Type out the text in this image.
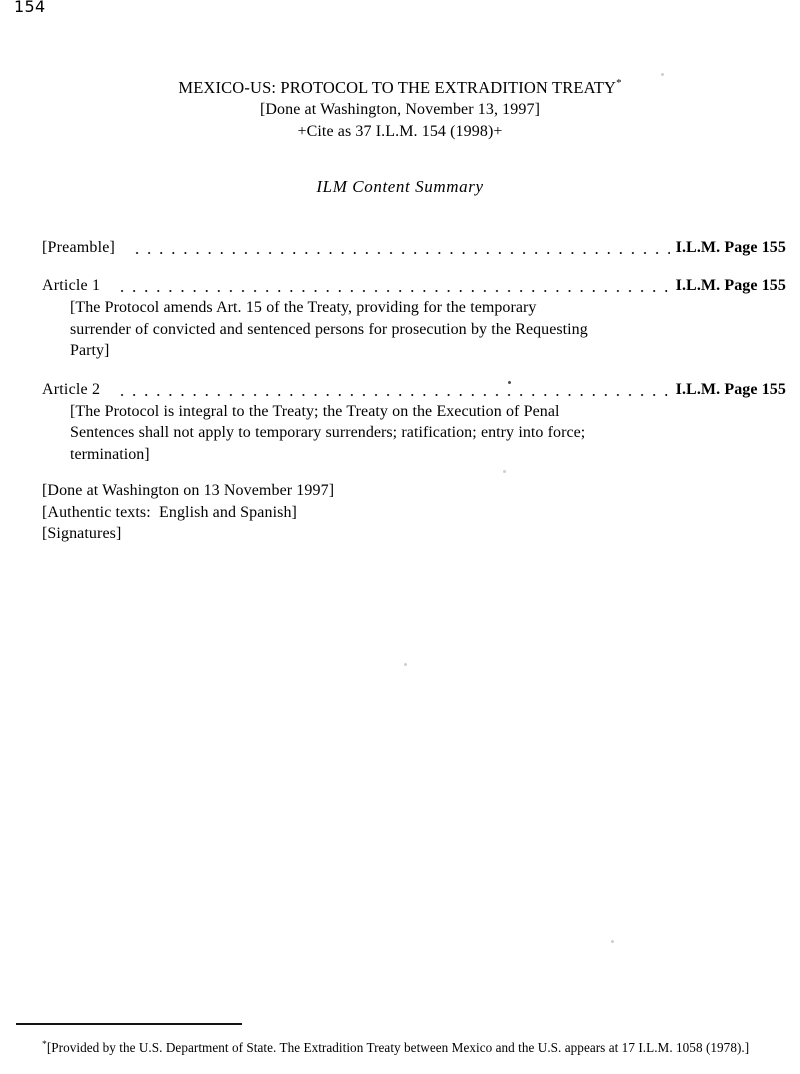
154
MEXICO-US: PROTOCOL TO THE EXTRADITION TREATY*
[Done at Washington, November 13, 1997]
+Cite as 37 I.L.M. 154 (1998)+
ILM Content Summary
[Preamble]	I.L.M. Page 155
Article 1	I.L.M. Page 155
[The Protocol amends Art. 15 of the Treaty, providing for the temporary
surrender of convicted and sentenced persons for prosecution by the Requesting
Party]
Article 2	I.L.M. Page 155
[The Protocol is integral to the Treaty; the Treaty on the Execution of Penal
Sentences shall not apply to temporary surrenders; ratification; entry into force;
termination]
[Done at Washington on 13 November 1997]
[Authentic texts:  English and Spanish]
[Signatures]
*[Provided by the U.S. Department of State. The Extradition Treaty between Mexico and the U.S. appears at 17 I.L.M. 1058 (1978).]
